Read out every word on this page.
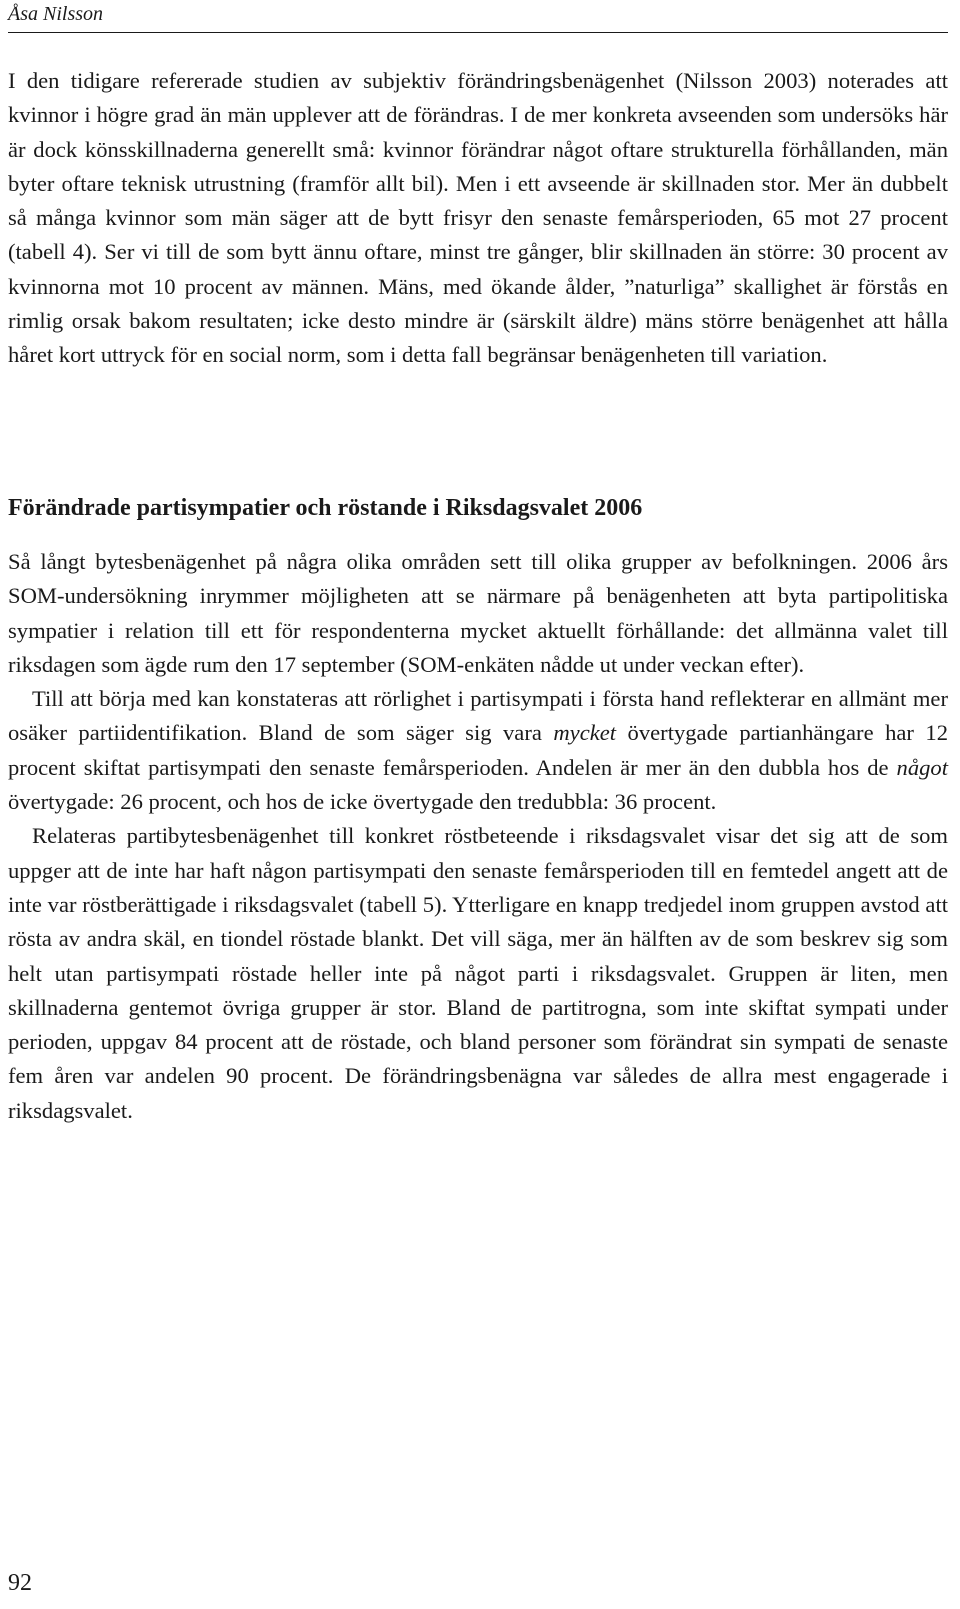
Åsa Nilsson

I den tidigare refererade studien av subjektiv förändringsbenägenhet (Nilsson 2003) noterades att kvinnor i högre grad än män upplever att de förändras. I de mer konkreta avseenden som undersöks här är dock könsskillnaderna generellt små: kvinnor förändrar något oftare strukturella förhållanden, män byter oftare teknisk utrustning (framför allt bil). Men i ett avseende är skillnaden stor. Mer än dubbelt så många kvinnor som män säger att de bytt frisyr den senaste femårsperioden, 65 mot 27 procent (tabell 4). Ser vi till de som bytt ännu oftare, minst tre gånger, blir skillnaden än större: 30 procent av kvinnorna mot 10 procent av männen. Mäns, med ökande ålder, ”naturliga” skallighet är förstås en rimlig orsak bakom resultaten; icke desto mindre är (särskilt äldre) mäns större benägenhet att hålla håret kort uttryck för en social norm, som i detta fall begränsar benägenheten till variation.

Förändrade partisympatier och röstande i Riksdagsvalet 2006

Så långt bytesbenägenhet på några olika områden sett till olika grupper av befolkningen. 2006 års SOM-undersökning inrymmer möjligheten att se närmare på benägenheten att byta partipolitiska sympatier i relation till ett för respondenterna mycket aktuellt förhållande: det allmänna valet till riksdagen som ägde rum den 17 september (SOM-enkäten nådde ut under veckan efter).

Till att börja med kan konstateras att rörlighet i partisympati i första hand reflekterar en allmänt mer osäker partiidentifikation. Bland de som säger sig vara mycket övertygade partianhängare har 12 procent skiftat partisympati den senaste femårsperioden. Andelen är mer än den dubbla hos de något övertygade: 26 procent, och hos de icke övertygade den tredubbla: 36 procent.

Relateras partibytesbenägenhet till konkret röstbeteende i riksdagsvalet visar det sig att de som uppger att de inte har haft någon partisympati den senaste femårsperioden till en femtedel angett att de inte var röstberättigade i riksdagsvalet (tabell 5). Ytterligare en knapp tredjedel inom gruppen avstod att rösta av andra skäl, en tiondel röstade blankt. Det vill säga, mer än hälften av de som beskrev sig som helt utan partisympati röstade heller inte på något parti i riksdagsvalet. Gruppen är liten, men skillnaderna gentemot övriga grupper är stor. Bland de partitrogna, som inte skiftat sympati under perioden, uppgav 84 procent att de röstade, och bland personer som förändrat sin sympati de senaste fem åren var andelen 90 procent. De förändringsbenägna var således de allra mest engagerade i riksdagsvalet.

92
